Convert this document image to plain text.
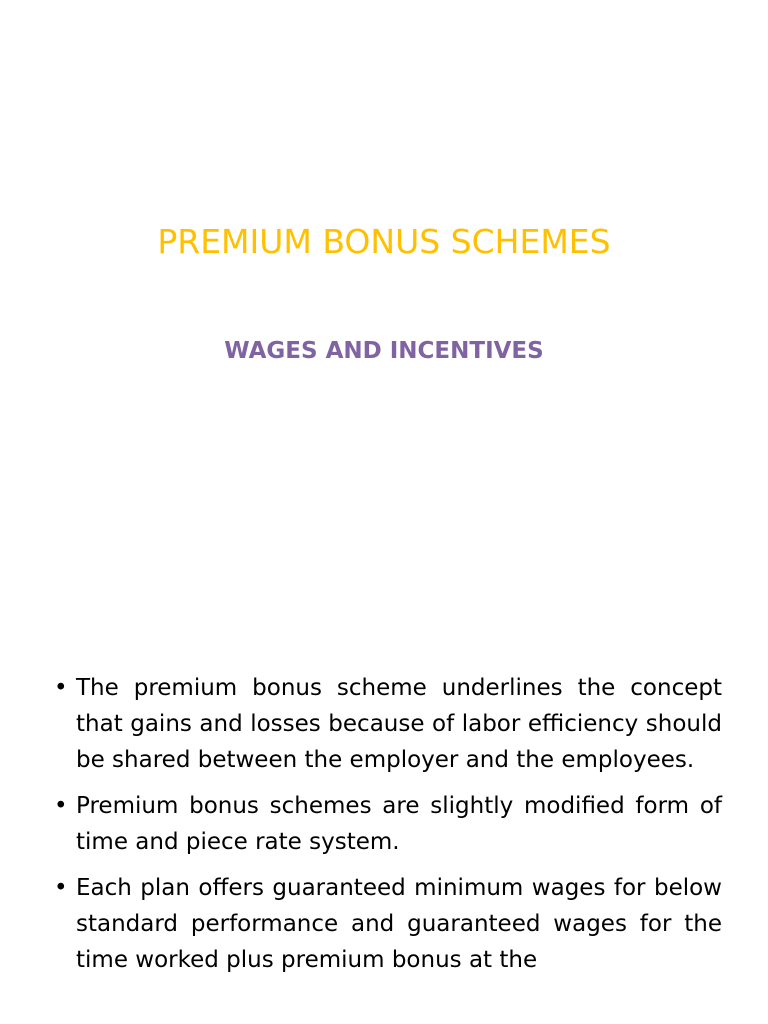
PREMIUM BONUS SCHEMES
WAGES AND INCENTIVES
• The premium bonus scheme underlines the concept that gains and losses because of labor efficiency should be shared between the employer and the employees.
• Premium bonus schemes are slightly modified form of time and piece rate system.
• Each plan offers guaranteed minimum wages for below standard performance and guaranteed wages for the time worked plus premium bonus at the
